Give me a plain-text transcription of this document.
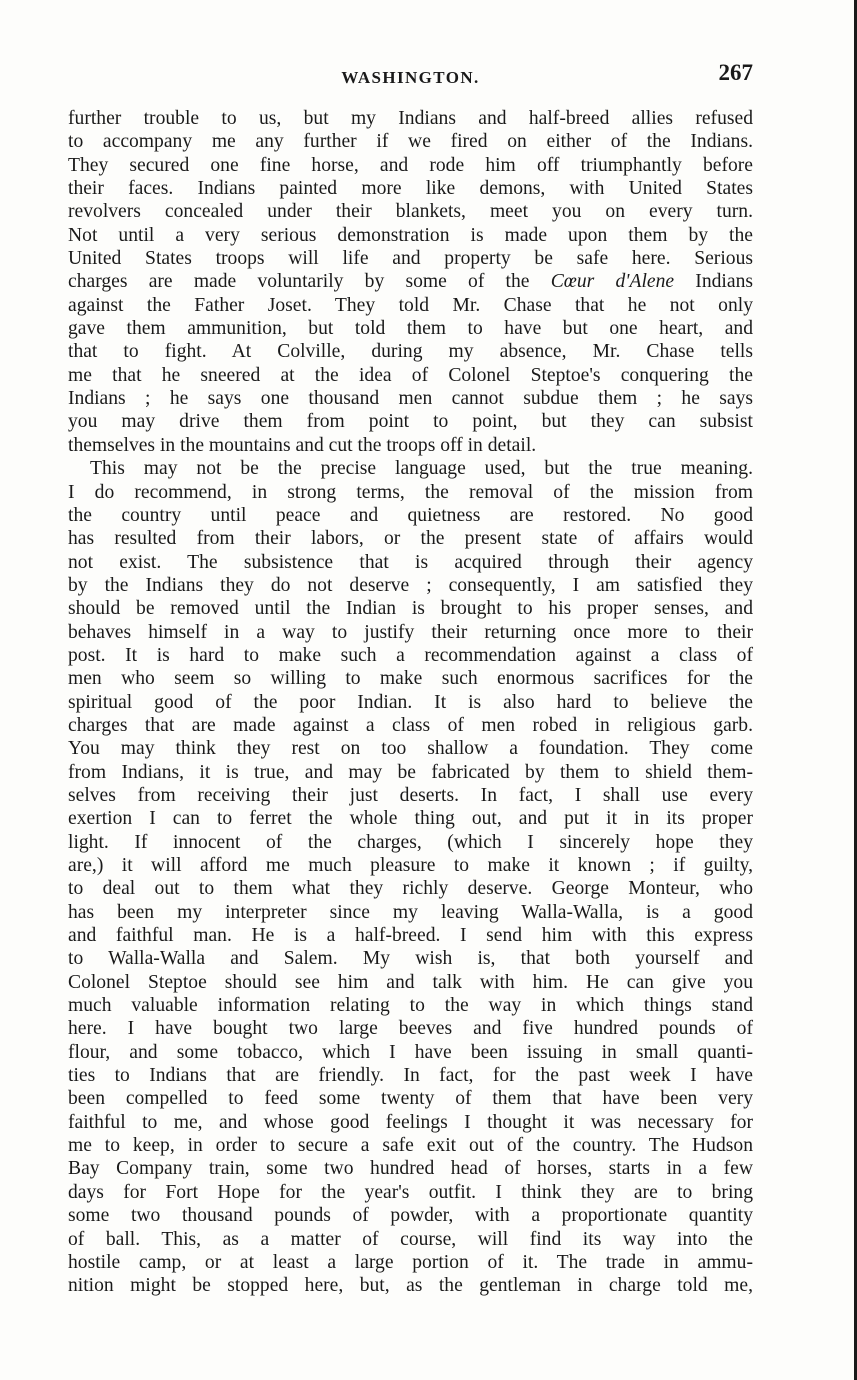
WASHINGTON.	267
further trouble to us, but my Indians and half-breed allies refused
to accompany me any further if we fired on either of the Indians.
They secured one fine horse, and rode him off triumphantly before
their faces. Indians painted more like demons, with United States
revolvers concealed under their blankets, meet you on every turn.
Not until a very serious demonstration is made upon them by the
United States troops will life and property be safe here. Serious
charges are made voluntarily by some of the Cœur d'Alene Indians
against the Father Joset. They told Mr. Chase that he not only
gave them ammunition, but told them to have but one heart, and
that to fight. At Colville, during my absence, Mr. Chase tells
me that he sneered at the idea of Colonel Steptoe's conquering the
Indians ; he says one thousand men cannot subdue them ; he says
you may drive them from point to point, but they can subsist
themselves in the mountains and cut the troops off in detail.
This may not be the precise language used, but the true meaning.
I do recommend, in strong terms, the removal of the mission from
the country until peace and quietness are restored. No good
has resulted from their labors, or the present state of affairs would
not exist. The subsistence that is acquired through their agency
by the Indians they do not deserve ; consequently, I am satisfied they
should be removed until the Indian is brought to his proper senses, and
behaves himself in a way to justify their returning once more to their
post. It is hard to make such a recommendation against a class of
men who seem so willing to make such enormous sacrifices for the
spiritual good of the poor Indian. It is also hard to believe the
charges that are made against a class of men robed in religious garb.
You may think they rest on too shallow a foundation. They come
from Indians, it is true, and may be fabricated by them to shield them-
selves from receiving their just deserts. In fact, I shall use every
exertion I can to ferret the whole thing out, and put it in its proper
light. If innocent of the charges, (which I sincerely hope they
are,) it will afford me much pleasure to make it known ; if guilty,
to deal out to them what they richly deserve. George Monteur, who
has been my interpreter since my leaving Walla-Walla, is a good
and faithful man. He is a half-breed. I send him with this express
to Walla-Walla and Salem. My wish is, that both yourself and
Colonel Steptoe should see him and talk with him. He can give you
much valuable information relating to the way in which things stand
here. I have bought two large beeves and five hundred pounds of
flour, and some tobacco, which I have been issuing in small quanti-
ties to Indians that are friendly. In fact, for the past week I have
been compelled to feed some twenty of them that have been very
faithful to me, and whose good feelings I thought it was necessary for
me to keep, in order to secure a safe exit out of the country. The Hudson
Bay Company train, some two hundred head of horses, starts in a few
days for Fort Hope for the year's outfit. I think they are to bring
some two thousand pounds of powder, with a proportionate quantity
of ball. This, as a matter of course, will find its way into the
hostile camp, or at least a large portion of it. The trade in ammu-
nition might be stopped here, but, as the gentleman in charge told me,
